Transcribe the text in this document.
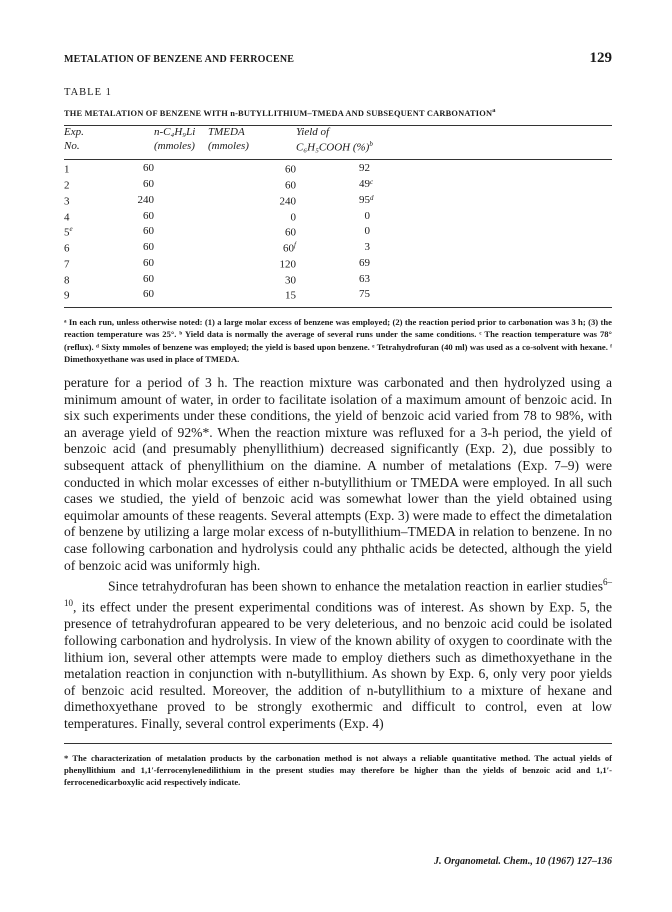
METALATION OF BENZENE AND FERROCENE	129
TABLE 1
THE METALATION OF BENZENE WITH n-BUTYLLITHIUM–TMEDA AND SUBSEQUENT CARBONATION$^a$
Exp.		n-C₄H₉Li	TMEDA	Yield of
No.		(mmoles)	(mmoles)	C₆H₅COOH (%)$^b$
1	60		60		92	
2	60		60		49	$^c$
3	240		240		95	$^d$
4	60		0		0	
5e	60		60		0	
6	60		60$^f$		3	
7	60		120		69	
8	60		30		63	
9	60		15		75	
ᵃ In each run, unless otherwise noted: (1) a large molar excess of benzene was employed; (2) the reaction period prior to carbonation was 3 h; (3) the reaction temperature was 25°. ᵇ Yield data is normally the average of several runs under the same conditions. ᶜ The reaction temperature was 78° (reflux). ᵈ Sixty mmoles of benzene was employed; the yield is based upon benzene. ᵉ Tetrahydrofuran (40 ml) was used as a co-solvent with hexane. ᶠ Dimethoxyethane was used in place of TMEDA.

perature for a period of 3 h. The reaction mixture was carbonated and then hydrolyzed using a minimum amount of water, in order to facilitate isolation of a maximum amount of benzoic acid. In six such experiments under these conditions, the yield of benzoic acid varied from 78 to 98%, with an average yield of 92%*. When the reaction mixture was refluxed for a 3-h period, the yield of benzoic acid (and presumably phenyllithium) decreased significantly (Exp. 2), due possibly to subsequent attack of phenyllithium on the diamine. A number of metalations (Exp. 7–9) were conducted in which molar excesses of either n-butyllithium or TMEDA were employed. In all such cases we studied, the yield of benzoic acid was somewhat lower than the yield obtained using equimolar amounts of these reagents. Several attempts (Exp. 3) were made to effect the dimetalation of benzene by utilizing a large molar excess of n-butyllithium–TMEDA in relation to benzene. In no case following carbonation and hydrolysis could any phthalic acids be detected, although the yield of benzoic acid was uniformly high.

Since tetrahydrofuran has been shown to enhance the metalation reaction in earlier studies$^{6-10}$, its effect under the present experimental conditions was of interest. As shown by Exp. 5, the presence of tetrahydrofuran appeared to be very deleterious, and no benzoic acid could be isolated following carbonation and hydrolysis. In view of the known ability of oxygen to coordinate with the lithium ion, several other attempts were made to employ diethers such as dimethoxyethane in the metalation reaction in conjunction with n-butyllithium. As shown by Exp. 6, only very poor yields of benzoic acid resulted. Moreover, the addition of n-butyllithium to a mixture of hexane and dimethoxyethane proved to be strongly exothermic and difficult to control, even at low temperatures. Finally, several control experiments (Exp. 4)

* The characterization of metalation products by the carbonation method is not always a reliable quantitative method. The actual yields of phenyllithium and 1,1′-ferrocenylenedilithium in the present studies may therefore be higher than the yields of benzoic acid and 1,1′-ferrocenedicarboxylic acid respectively indicate.
J. Organometal. Chem., 10 (1967) 127–136
